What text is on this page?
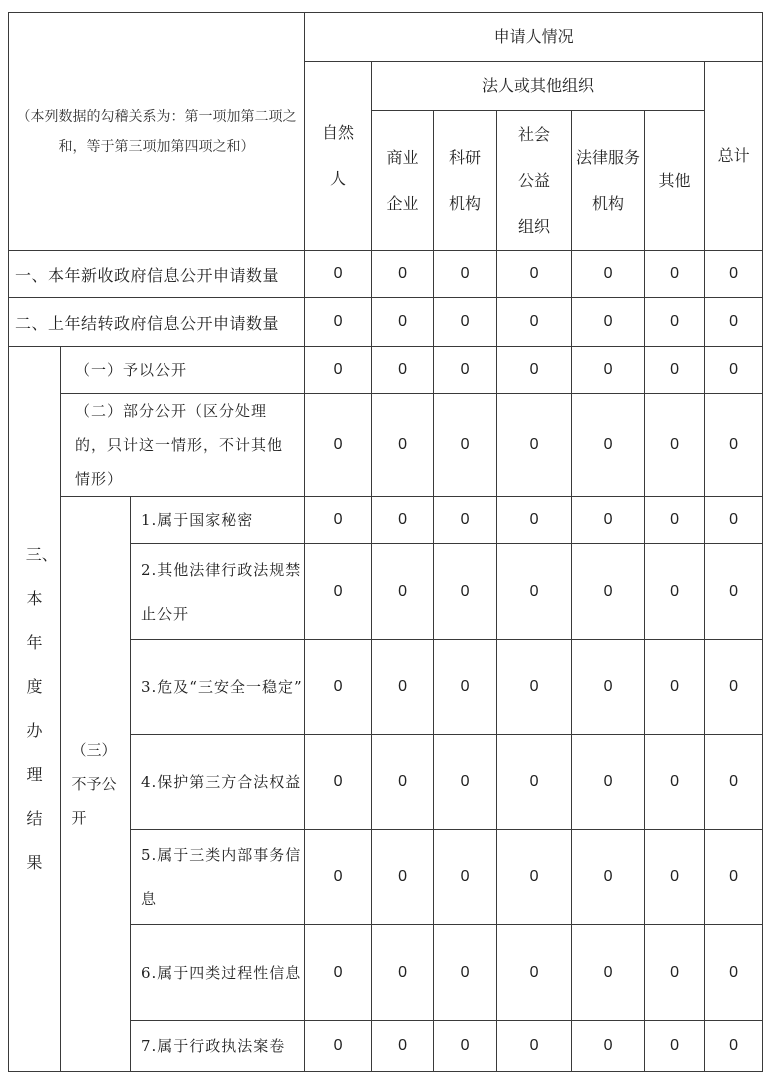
（本列数据的勾稽关系为：第一项加第二项之和，等于第三项加第四项之和）			申请人情况						

			自然人	法人或其他组织					总计

				商业企业	科研机构	社会公益组织	法律服务机构	其他	
一、本年新收政府信息公开申请数量			0	0	0	0	0	0	0
二、上年结转政府信息公开申请数量			0	0	0	0	0	0	0

三、本年度办理结果	（一）予以公开		0	0	0	0	0	0	0
	（二）部分公开（区分处理的，只计这一情形，不计其他情形）		0	0	0	0	0	0	0

	（三）不予公开	1.属于国家秘密	0	0	0	0	0	0	0
		2.其他法律行政法规禁止公开	0	0	0	0	0	0	0
		3.危及“三安全一稳定”	0	0	0	0	0	0	0
		4.保护第三方合法权益	0	0	0	0	0	0	0
		5.属于三类内部事务信息	0	0	0	0	0	0	0
		6.属于四类过程性信息	0	0	0	0	0	0	0
		7.属于行政执法案卷	0	0	0	0	0	0	0
